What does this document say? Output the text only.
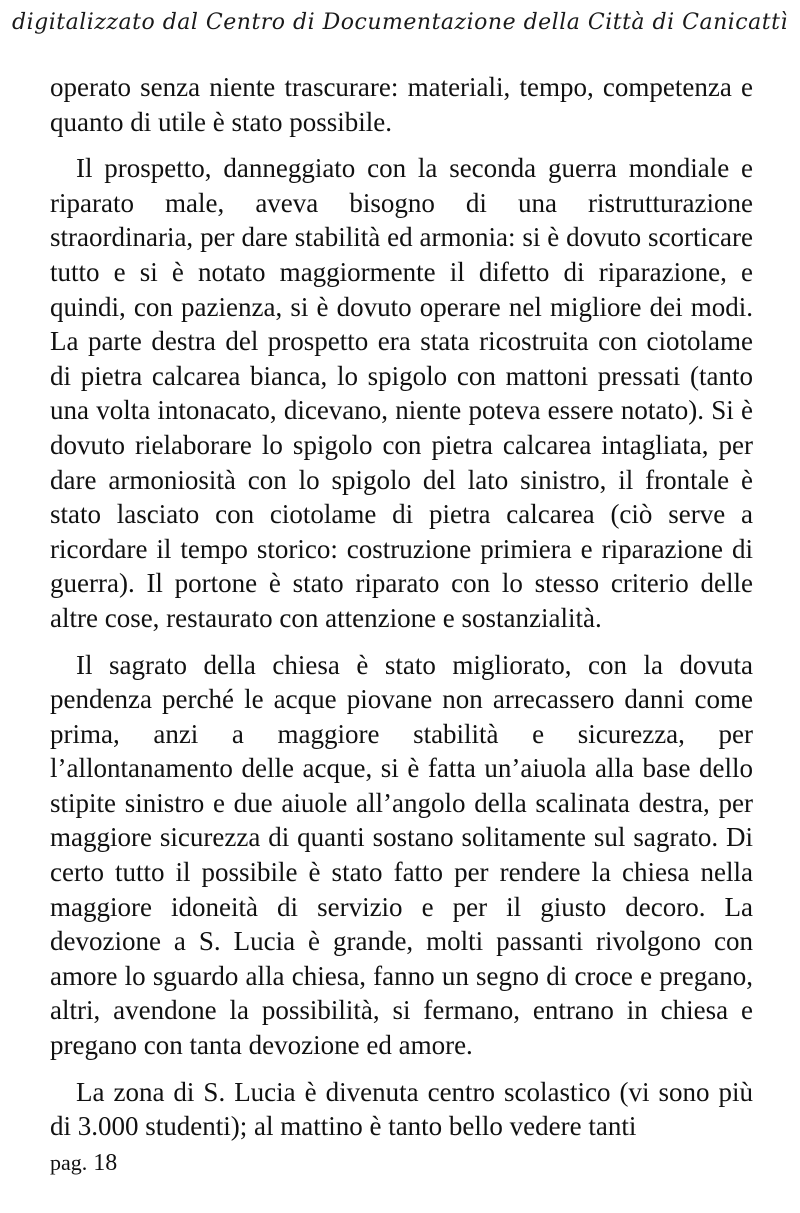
digitalizzato dal Centro di Documentazione della Città di Canicattì

operato senza niente trascurare: materiali, tempo, competenza e quanto di utile è stato possibile.

Il prospetto, danneggiato con la seconda guerra mondiale e riparato male, aveva bisogno di una ristrutturazione straordinaria, per dare stabilità ed armonia: si è dovuto scorticare tutto e si è notato maggiormente il difetto di riparazione, e quindi, con pazienza, si è dovuto operare nel migliore dei modi. La parte destra del prospetto era stata ricostruita con ciotolame di pietra calcarea bianca, lo spigolo con mattoni pressati (tanto una volta intonacato, dicevano, niente poteva essere notato). Si è dovuto rielaborare lo spigolo con pietra calcarea intagliata, per dare armoniosità con lo spigolo del lato sinistro, il frontale è stato lasciato con ciotolame di pietra calcarea (ciò serve a ricordare il tempo storico: costruzione primiera e riparazione di guerra). Il portone è stato riparato con lo stesso criterio delle altre cose, restaurato con attenzione e sostanzialità.

Il sagrato della chiesa è stato migliorato, con la dovuta pendenza perché le acque piovane non arrecassero danni come prima, anzi a maggiore stabilità e sicurezza, per l’allontanamento delle acque, si è fatta un’aiuola alla base dello stipite sinistro e due aiuole all’angolo della scalinata destra, per maggiore sicurezza di quanti sostano solitamente sul sagrato. Di certo tutto il possibile è stato fatto per rendere la chiesa nella maggiore idoneità di servizio e per il giusto decoro. La devozione a S. Lucia è grande, molti passanti rivolgono con amore lo sguardo alla chiesa, fanno un segno di croce e pregano, altri, avendone la possibilità, si fermano, entrano in chiesa e pregano con tanta devozione ed amore.

La zona di S. Lucia è divenuta centro scolastico (vi sono più di 3.000 studenti); al mattino è tanto bello vedere tanti

pag. 18
